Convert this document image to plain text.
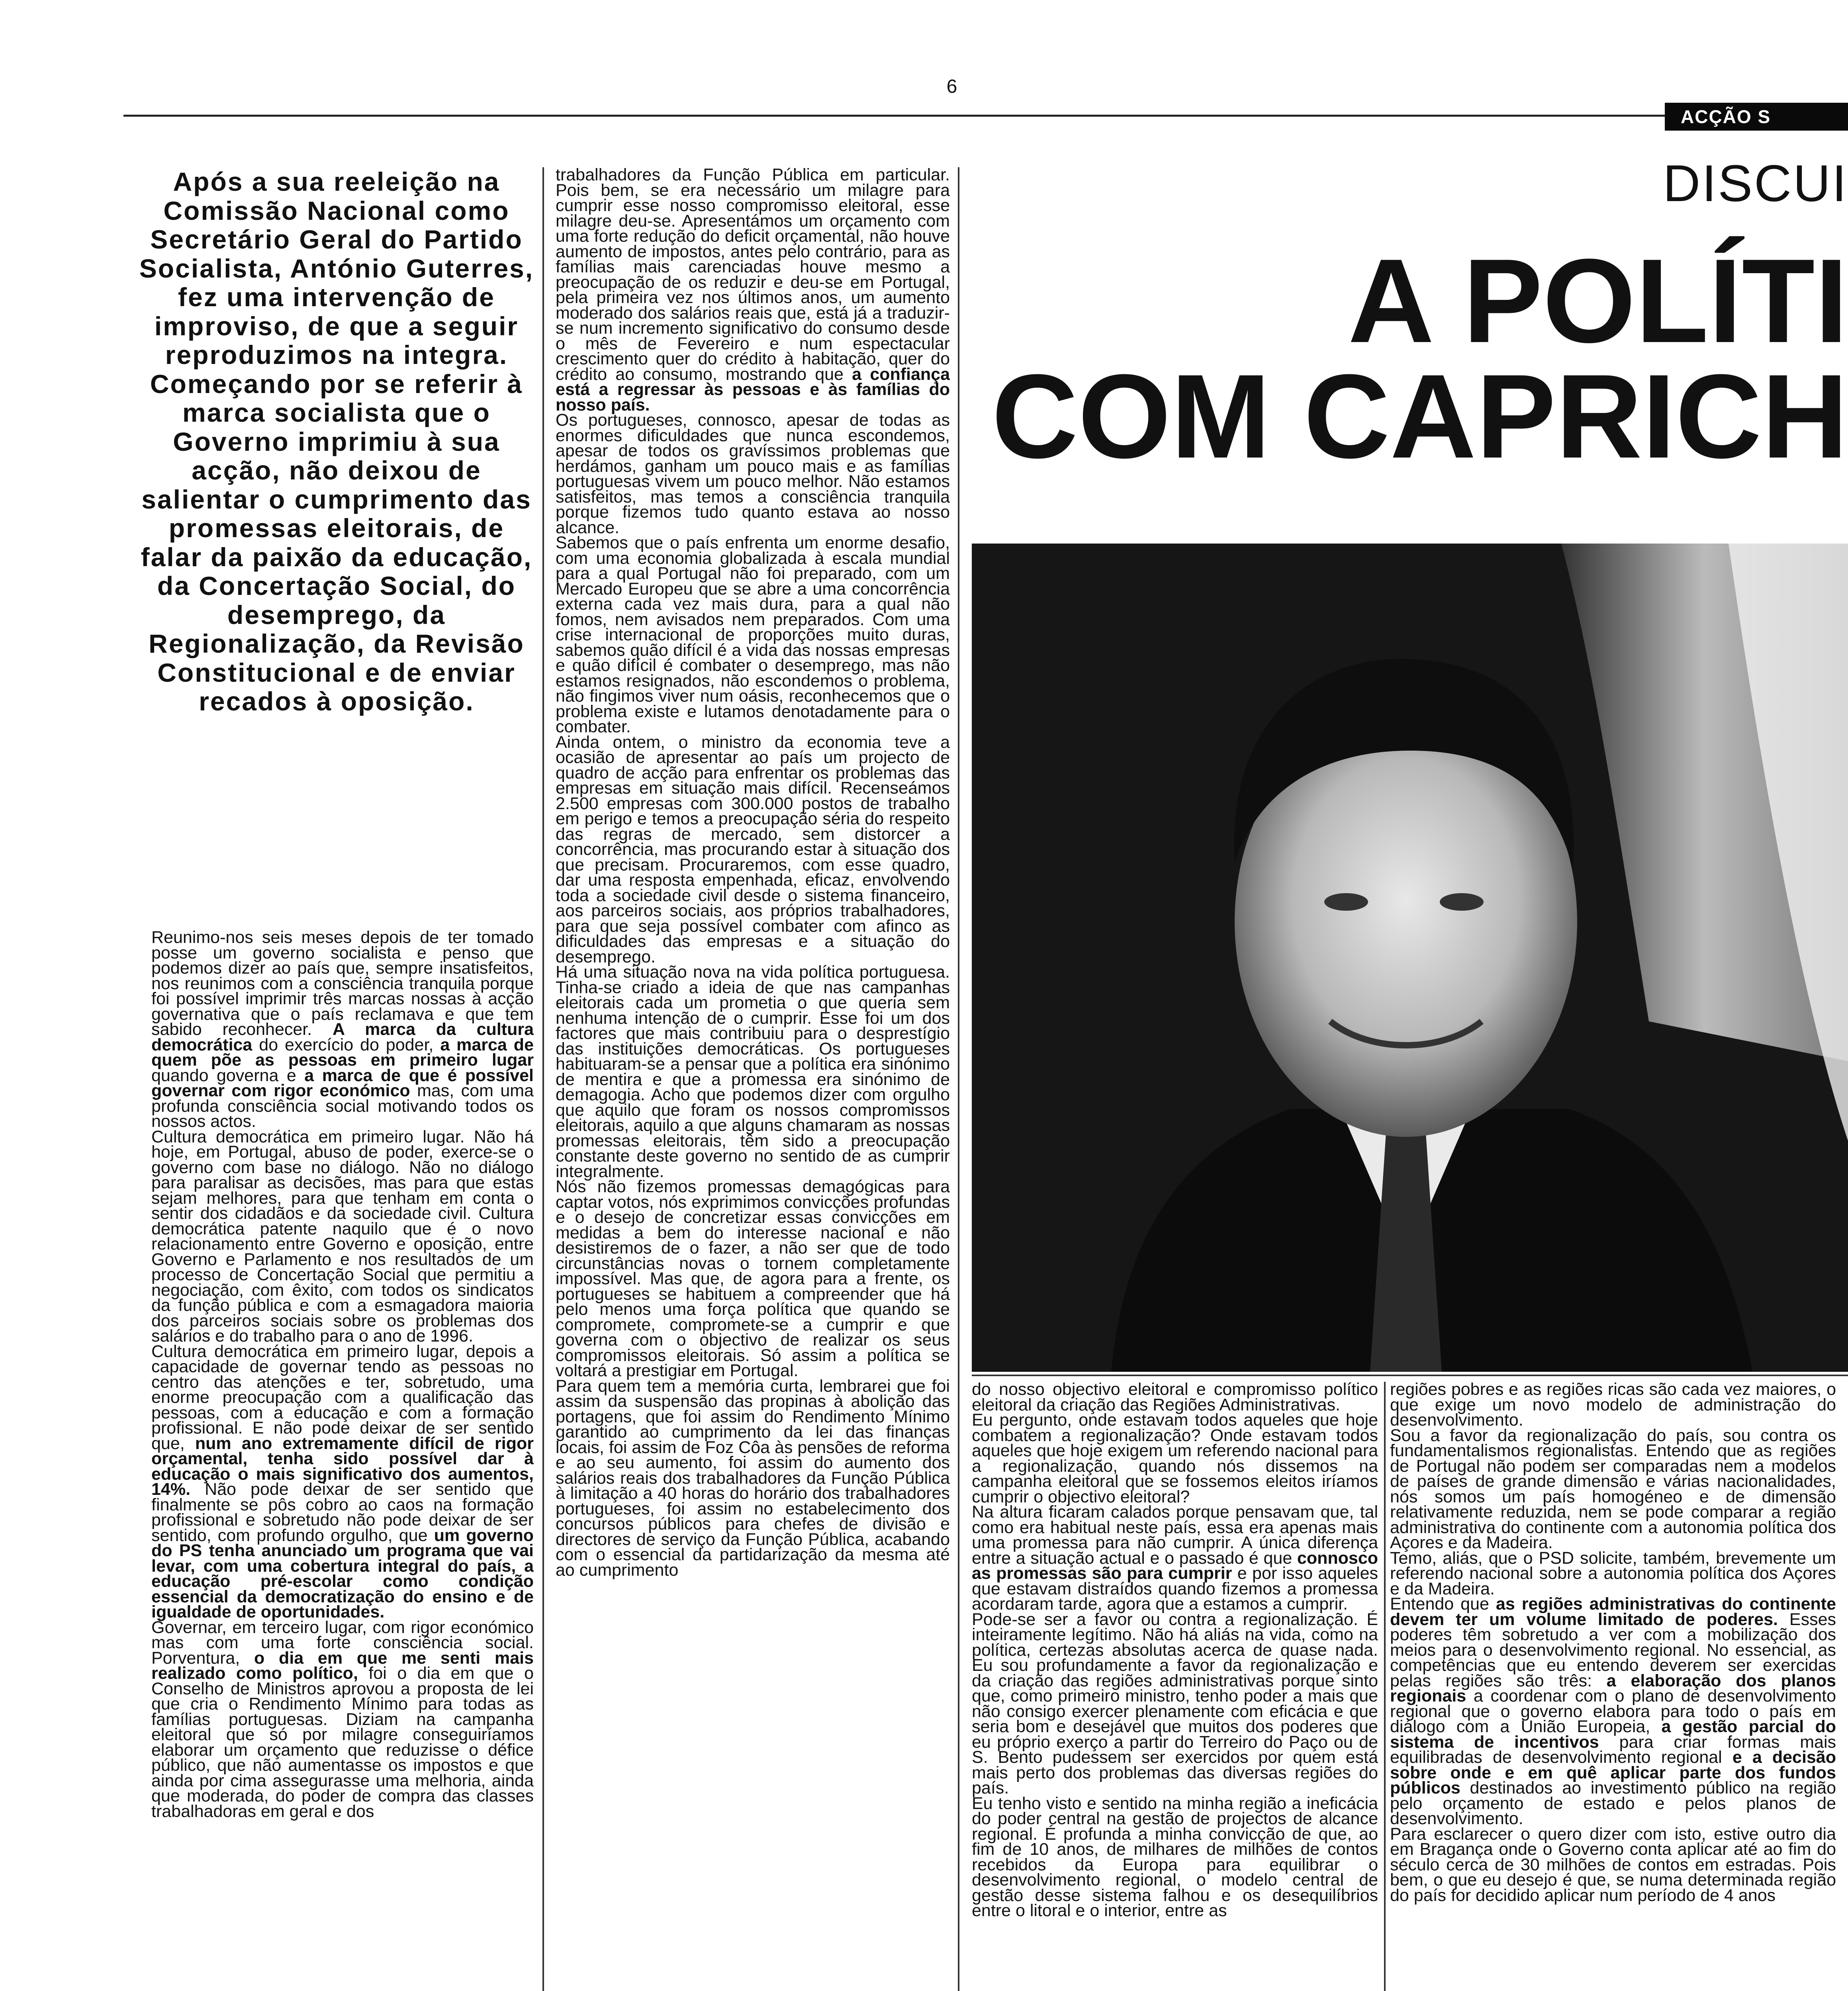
6
ACÇÃO S
DISCUI
A POLÍTI
COM CAPRICH
Após a sua reeleição na Comissão Nacional como Secretário Geral do Partido Socialista, António Guterres, fez uma intervenção de improviso, de que a seguir reproduzimos na integra. Começando por se referir à marca socialista que o Governo imprimiu à sua acção, não deixou de salientar o cumprimento das promessas eleitorais, de falar da paixão da educação, da Concertação Social, do desemprego, da Regionalização, da Revisão Constitucional e de enviar recados à oposição.

Reunimo-nos seis meses depois de ter tomado posse um governo socialista e penso que podemos dizer ao país que, sempre insatisfeitos, nos reunimos com a consciência tranquila porque foi possível imprimir três marcas nossas à acção governativa que o país reclamava e que tem sabido reconhecer. A marca da cultura democrática do exercício do poder, a marca de quem põe as pessoas em primeiro lugar quando governa e a marca de que é possível governar com rigor económico mas, com uma profunda consciência social motivando todos os nossos actos.

Cultura democrática em primeiro lugar. Não há hoje, em Portugal, abuso de poder, exerce-se o governo com base no diálogo. Não no diálogo para paralisar as decisões, mas para que estas sejam melhores, para que tenham em conta o sentir dos cidadãos e da sociedade civil. Cultura democrática patente naquilo que é o novo relacionamento entre Governo e oposição, entre Governo e Parlamento e nos resultados de um processo de Concertação Social que permitiu a negociação, com êxito, com todos os sindicatos da função pública e com a esmagadora maioria dos parceiros sociais sobre os problemas dos salários e do trabalho para o ano de 1996.

Cultura democrática em primeiro lugar, depois a capacidade de governar tendo as pessoas no centro das atenções e ter, sobretudo, uma enorme preocupação com a qualificação das pessoas, com a educação e com a formação profissional. E não pode deixar de ser sentido que, num ano extremamente difícil de rigor orçamental, tenha sido possível dar à educação o mais significativo dos aumentos, 14%. Não pode deixar de ser sentido que finalmente se pôs cobro ao caos na formação profissional e sobretudo não pode deixar de ser sentido, com profundo orgulho, que um governo do PS tenha anunciado um programa que vai levar, com uma cobertura integral do país, a educação pré-escolar como condição essencial da democratização do ensino e de igualdade de oportunidades.

Governar, em terceiro lugar, com rigor económico mas com uma forte consciência social. Porventura, o dia em que me senti mais realizado como político, foi o dia em que o Conselho de Ministros aprovou a proposta de lei que cria o Rendimento Mínimo para todas as famílias portuguesas. Diziam na campanha eleitoral que só por milagre conseguiríamos elaborar um orçamento que reduzisse o défice público, que não aumentasse os impostos e que ainda por cima assegurasse uma melhoria, ainda que moderada, do poder de compra das classes trabalhadoras em geral e dos

trabalhadores da Função Pública em particular. Pois bem, se era necessário um milagre para cumprir esse nosso compromisso eleitoral, esse milagre deu-se. Apresentámos um orçamento com uma forte redução do deficit orçamental, não houve aumento de impostos, antes pelo contrário, para as famílias mais carenciadas houve mesmo a preocupação de os reduzir e deu-se em Portugal, pela primeira vez nos últimos anos, um aumento moderado dos salários reais que, está já a traduzir-se num incremento significativo do consumo desde o mês de Fevereiro e num espectacular crescimento quer do crédito à habitação, quer do crédito ao consumo, mostrando que a confiança está a regressar às pessoas e às famílias do nosso país.

Os portugueses, connosco, apesar de todas as enormes dificuldades que nunca escondemos, apesar de todos os gravíssimos problemas que herdámos, ganham um pouco mais e as famílias portuguesas vivem um pouco melhor. Não estamos satisfeitos, mas temos a consciência tranquila porque fizemos tudo quanto estava ao nosso alcance.

Sabemos que o país enfrenta um enorme desafio, com uma economia globalizada à escala mundial para a qual Portugal não foi preparado, com um Mercado Europeu que se abre a uma concorrência externa cada vez mais dura, para a qual não fomos, nem avisados nem preparados. Com uma crise internacional de proporções muito duras, sabemos quão difícil é a vida das nossas empresas e quão difícil é combater o desemprego, mas não estamos resignados, não escondemos o problema, não fingimos viver num oásis, reconhecemos que o problema existe e lutamos denotadamente para o combater.

Ainda ontem, o ministro da economia teve a ocasião de apresentar ao país um projecto de quadro de acção para enfrentar os problemas das empresas em situação mais difícil. Recenseámos 2.500 empresas com 300.000 postos de trabalho em perigo e temos a preocupação séria do respeito das regras de mercado, sem distorcer a concorrência, mas procurando estar à situação dos que precisam. Procuraremos, com esse quadro, dar uma resposta empenhada, eficaz, envolvendo toda a sociedade civil desde o sistema financeiro, aos parceiros sociais, aos próprios trabalhadores, para que seja possível combater com afinco as dificuldades das empresas e a situação do desemprego.

Há uma situação nova na vida política portuguesa. Tinha-se criado a ideia de que nas campanhas eleitorais cada um prometia o que queria sem nenhuma intenção de o cumprir. Esse foi um dos factores que mais contribuiu para o desprestígio das instituições democráticas. Os portugueses habituaram-se a pensar que a política era sinónimo de mentira e que a promessa era sinónimo de demagogia. Acho que podemos dizer com orgulho que aquilo que foram os nossos compromissos eleitorais, aquilo a que alguns chamaram as nossas promessas eleitorais, têm sido a preocupação constante deste governo no sentido de as cumprir integralmente.

Nós não fizemos promessas demagógicas para captar votos, nós exprimimos convicções profundas e o desejo de concretizar essas convicções em medidas a bem do interesse nacional e não desistiremos de o fazer, a não ser que de todo circunstâncias novas o tornem completamente impossível. Mas que, de agora para a frente, os portugueses se habituem a compreender que há pelo menos uma força política que quando se compromete, compromete-se a cumprir e que governa com o objectivo de realizar os seus compromissos eleitorais. Só assim a política se voltará a prestigiar em Portugal.

Para quem tem a memória curta, lembrarei que foi assim da suspensão das propinas à abolição das portagens, que foi assim do Rendimento Mínimo garantido ao cumprimento da lei das finanças locais, foi assim de Foz Côa às pensões de reforma e ao seu aumento, foi assim do aumento dos salários reais dos trabalhadores da Função Pública à limitação a 40 horas do horário dos trabalhadores portugueses, foi assim no estabelecimento dos concursos públicos para chefes de divisão e directores de serviço da Função Pública, acabando com o essencial da partidarização da mesma até ao cumprimento

do nosso objectivo eleitoral e compromisso político eleitoral da criação das Regiões Administrativas.

Eu pergunto, onde estavam todos aqueles que hoje combatem a regionalização? Onde estavam todos aqueles que hoje exigem um referendo nacional para a regionalização, quando nós dissemos na campanha eleitoral que se fossemos eleitos iríamos cumprir o objectivo eleitoral?

Na altura ficaram calados porque pensavam que, tal como era habitual neste país, essa era apenas mais uma promessa para não cumprir. A única diferença entre a situação actual e o passado é que connosco as promessas são para cumprir e por isso aqueles que estavam distraídos quando fizemos a promessa acordaram tarde, agora que a estamos a cumprir.

Pode-se ser a favor ou contra a regionalização. É inteiramente legítimo. Não há aliás na vida, como na política, certezas absolutas acerca de quase nada. Eu sou profundamente a favor da regionalização e da criação das regiões administrativas porque sinto que, como primeiro ministro, tenho poder a mais que não consigo exercer plenamente com eficácia e que seria bom e desejável que muitos dos poderes que eu próprio exerço a partir do Terreiro do Paço ou de S. Bento pudessem ser exercidos por quem está mais perto dos problemas das diversas regiões do país.

Eu tenho visto e sentido na minha região a ineficácia do poder central na gestão de projectos de alcance regional. É profunda a minha convicção de que, ao fim de 10 anos, de milhares de milhões de contos recebidos da Europa para equilibrar o desenvolvimento regional, o modelo central de gestão desse sistema falhou e os desequilíbrios entre o litoral e o interior, entre as

regiões pobres e as regiões ricas são cada vez maiores, o que exige um novo modelo de administração do desenvolvimento.

Sou a favor da regionalização do país, sou contra os fundamentalismos regionalistas. Entendo que as regiões de Portugal não podem ser comparadas nem a modelos de países de grande dimensão e várias nacionalidades, nós somos um país homogéneo e de dimensão relativamente reduzida, nem se pode comparar a região administrativa do continente com a autonomia política dos Açores e da Madeira.

Temo, aliás, que o PSD solicite, também, brevemente um referendo nacional sobre a autonomia política dos Açores e da Madeira.

Entendo que as regiões administrativas do continente devem ter um volume limitado de poderes. Esses poderes têm sobretudo a ver com a mobilização dos meios para o desenvolvimento regional. No essencial, as competências que eu entendo deverem ser exercidas pelas regiões são três: a elaboração dos planos regionais a coordenar com o plano de desenvolvimento regional que o governo elabora para todo o país em diálogo com a União Europeia, a gestão parcial do sistema de incentivos para criar formas mais equilibradas de desenvolvimento regional e a decisão sobre onde e em quê aplicar parte dos fundos públicos destinados ao investimento público na região pelo orçamento de estado e pelos planos de desenvolvimento.

Para esclarecer o quero dizer com isto, estive outro dia em Bragança onde o Governo conta aplicar até ao fim do século cerca de 30 milhões de contos em estradas. Pois bem, o que eu desejo é que, se numa determinada região do país for decidido aplicar num período de 4 anos
